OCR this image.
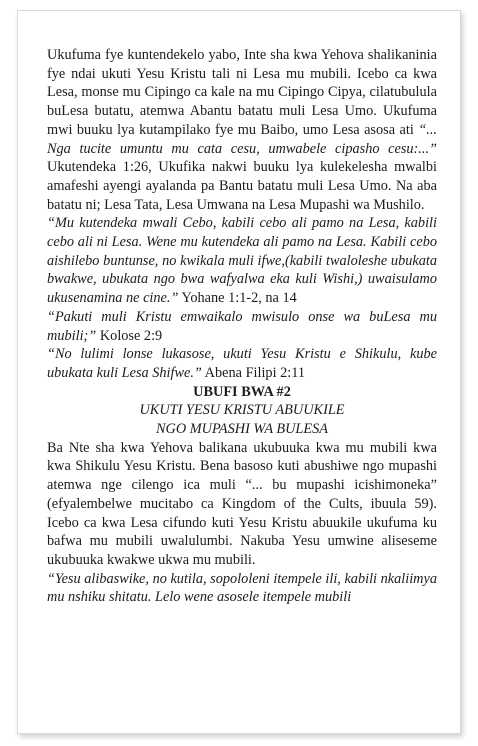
Ukufuma fye kuntendekelo yabo, Inte sha kwa Yehova shalikaninia fye ndai ukuti Yesu Kristu tali ni Lesa mu mubili. Icebo ca kwa Lesa, monse mu Cipingo ca kale na mu Cipingo Cipya, cilatubulula buLesa butatu, atemwa Abantu batatu muli Lesa Umo. Ukufuma mwi buuku lya kutampilako fye mu Baibo, umo Lesa asosa ati “... Nga tucite umuntu mu cata cesu, umwabele cipasho cesu:...” Ukutendeka 1:26, Ukufika nakwi buuku lya kulekelesha mwalbi amafeshi ayengi ayalanda pa Bantu batatu muli Lesa Umo. Na aba batatu ni; Lesa Tata, Lesa Umwana na Lesa Mupashi wa Mushilo.

“Mu kutendeka mwali Cebo, kabili cebo ali pamo na Lesa, kabili cebo ali ni Lesa. Wene mu kutendeka ali pamo na Lesa. Kabili cebo aishilebo buntunse, no kwikala muli ifwe,(kabili twaloleshe ubukata bwakwe, ubukata ngo bwa wafyalwa eka kuli Wishi,) uwaisulamo ukusenamina ne cine.” Yohane 1:1-2, na 14

“Pakuti muli Kristu emwaikalo mwisulo onse wa buLesa mu mubili;” Kolose 2:9

“No lulimi lonse lukasose, ukuti Yesu Kristu e Shikulu, kube ubukata kuli Lesa Shifwe.” Abena Filipi 2:11

UBUFI BWA #2
UKUTI YESU KRISTU ABUUKILE
NGO MUPASHI WA BULESA

Ba Nte sha kwa Yehova balikana ukubuuka kwa mu mubili kwa kwa Shikulu Yesu Kristu. Bena basoso kuti abushiwe ngo mupashi atemwa nge cilengo ica muli “... bu mupashi icishimoneka” (efyalembelwe mucitabo ca Kingdom of the Cults, ibuula 59). Icebo ca kwa Lesa cifundo kuti Yesu Kristu abuukile ukufuma ku bafwa mu mubili uwalulumbi. Nakuba Yesu umwine aliseseme ukubuuka kwakwe ukwa mu mubili.

“Yesu alibaswike, no kutila, sopololeni itempele ili, kabili nkaliimya mu nshiku shitatu. Lelo wene asosele itempele mubili
